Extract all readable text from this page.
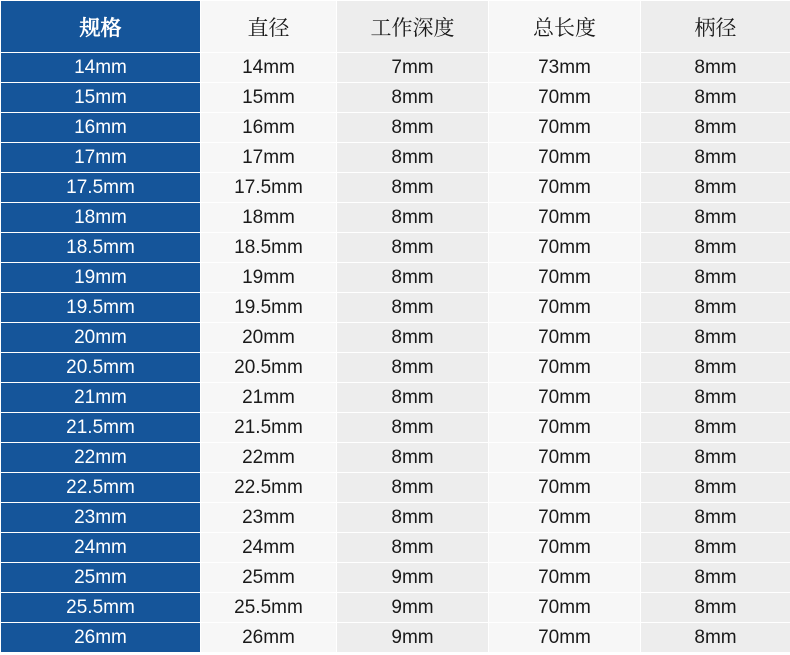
规格	直径	工作深度	总长度	柄径
14mm	14mm	7mm	73mm	8mm
15mm	15mm	8mm	70mm	8mm
16mm	16mm	8mm	70mm	8mm
17mm	17mm	8mm	70mm	8mm
17.5mm	17.5mm	8mm	70mm	8mm
18mm	18mm	8mm	70mm	8mm
18.5mm	18.5mm	8mm	70mm	8mm
19mm	19mm	8mm	70mm	8mm
19.5mm	19.5mm	8mm	70mm	8mm
20mm	20mm	8mm	70mm	8mm
20.5mm	20.5mm	8mm	70mm	8mm
21mm	21mm	8mm	70mm	8mm
21.5mm	21.5mm	8mm	70mm	8mm
22mm	22mm	8mm	70mm	8mm
22.5mm	22.5mm	8mm	70mm	8mm
23mm	23mm	8mm	70mm	8mm
24mm	24mm	8mm	70mm	8mm
25mm	25mm	9mm	70mm	8mm
25.5mm	25.5mm	9mm	70mm	8mm
26mm	26mm	9mm	70mm	8mm
